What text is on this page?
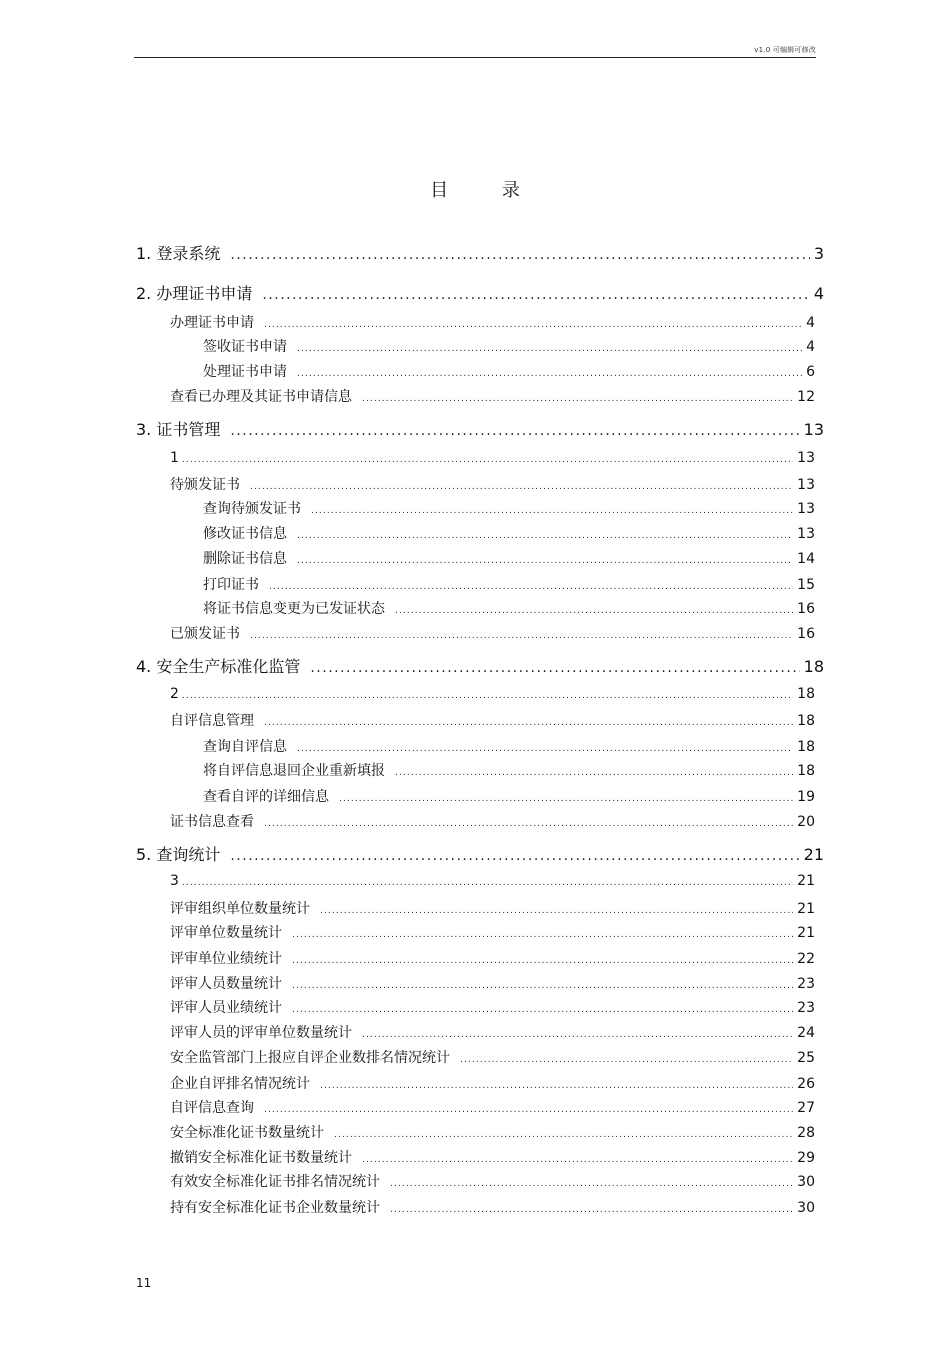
v1.0 可编辑可修改
目 录
1. 登录系统 .....	3
2. 办理证书申请 .....	4
办理证书申请 .....	4
签收证书申请 .....	4
处理证书申请 .....	6
查看已办理及其证书申请信息 .....	12
3. 证书管理 .....	13
1 .....	13
待颁发证书 .....	13
查询待颁发证书 .....	13
修改证书信息 .....	13
删除证书信息 .....	14
打印证书 .....	15
将证书信息变更为已发证状态 .....	16
已颁发证书 .....	16
4. 安全生产标准化监管 .....	18
2 .....	18
自评信息管理 .....	18
查询自评信息 .....	18
将自评信息退回企业重新填报 .....	18
查看自评的详细信息 .....	19
证书信息查看 .....	20
5. 查询统计 .....	21
3 .....	21
评审组织单位数量统计 .....	21
评审单位数量统计 .....	21
评审单位业绩统计 .....	22
评审人员数量统计 .....	23
评审人员业绩统计 .....	23
评审人员的评审单位数量统计 .....	24
安全监管部门上报应自评企业数排名情况统计 .....	25
企业自评排名情况统计 .....	26
自评信息查询 .....	27
安全标准化证书数量统计 .....	28
撤销安全标准化证书数量统计 .....	29
有效安全标准化证书排名情况统计 .....	30
持有安全标准化证书企业数量统计 .....	30
11
